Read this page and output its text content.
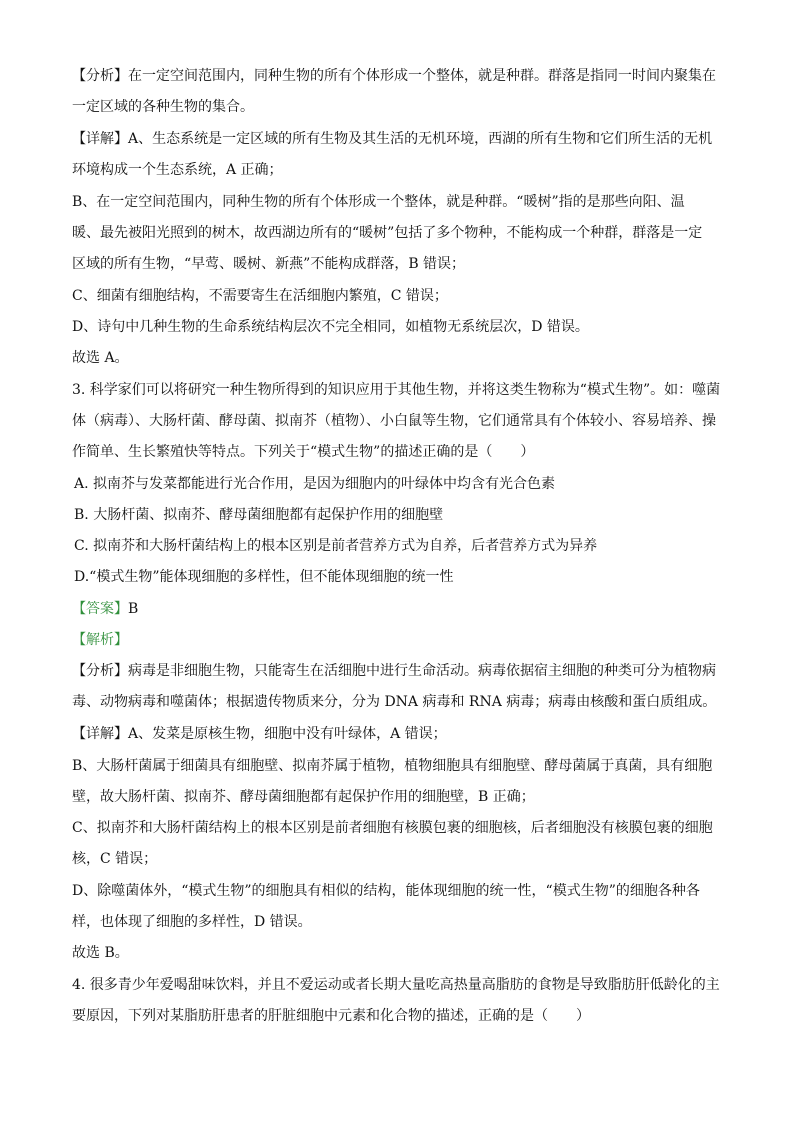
【分析】在一定空间范围内，同种生物的所有个体形成一个整体，就是种群。群落是指同一时间内聚集在
一定区域的各种生物的集合。
【详解】A、生态系统是一定区域的所有生物及其生活的无机环境，西湖的所有生物和它们所生活的无机
环境构成一个生态系统，A 正确；
B、在一定空间范围内，同种生物的所有个体形成一个整体，就是种群。“暖树”指的是那些向阳、温
暖、最先被阳光照到的树木，故西湖边所有的“暖树”包括了多个物种，不能构成一个种群，群落是一定
区域的所有生物，“早莺、暖树、新燕”不能构成群落，B 错误；
C、细菌有细胞结构，不需要寄生在活细胞内繁殖，C 错误；
D、诗句中几种生物的生命系统结构层次不完全相同，如植物无系统层次，D 错误。
故选 A。
3. 科学家们可以将研究一种生物所得到的知识应用于其他生物，并将这类生物称为“模式生物”。如：噬菌
体（病毒）、大肠杆菌、酵母菌、拟南芥（植物）、小白鼠等生物，它们通常具有个体较小、容易培养、操
作简单、生长繁殖快等特点。下列关于“模式生物”的描述正确的是（　　）
A. 拟南芥与发菜都能进行光合作用，是因为细胞内的叶绿体中均含有光合色素
B. 大肠杆菌、拟南芥、酵母菌细胞都有起保护作用的细胞壁
C. 拟南芥和大肠杆菌结构上的根本区别是前者营养方式为自养，后者营养方式为异养
D.“模式生物”能体现细胞的多样性，但不能体现细胞的统一性
【答案】B
【解析】
【分析】病毒是非细胞生物，只能寄生在活细胞中进行生命活动。病毒依据宿主细胞的种类可分为植物病
毒、动物病毒和噬菌体；根据遗传物质来分，分为 DNA 病毒和 RNA 病毒；病毒由核酸和蛋白质组成。
【详解】A、发菜是原核生物，细胞中没有叶绿体，A 错误；
B、大肠杆菌属于细菌具有细胞壁、拟南芥属于植物，植物细胞具有细胞壁、酵母菌属于真菌，具有细胞
壁，故大肠杆菌、拟南芥、酵母菌细胞都有起保护作用的细胞壁，B 正确；
C、拟南芥和大肠杆菌结构上的根本区别是前者细胞有核膜包裹的细胞核，后者细胞没有核膜包裹的细胞
核，C 错误；
D、除噬菌体外，“模式生物”的细胞具有相似的结构，能体现细胞的统一性，“模式生物”的细胞各种各
样，也体现了细胞的多样性，D 错误。
故选 B。
4. 很多青少年爱喝甜味饮料，并且不爱运动或者长期大量吃高热量高脂肪的食物是导致脂肪肝低龄化的主
要原因，下列对某脂肪肝患者的肝脏细胞中元素和化合物的描述，正确的是（　　）
